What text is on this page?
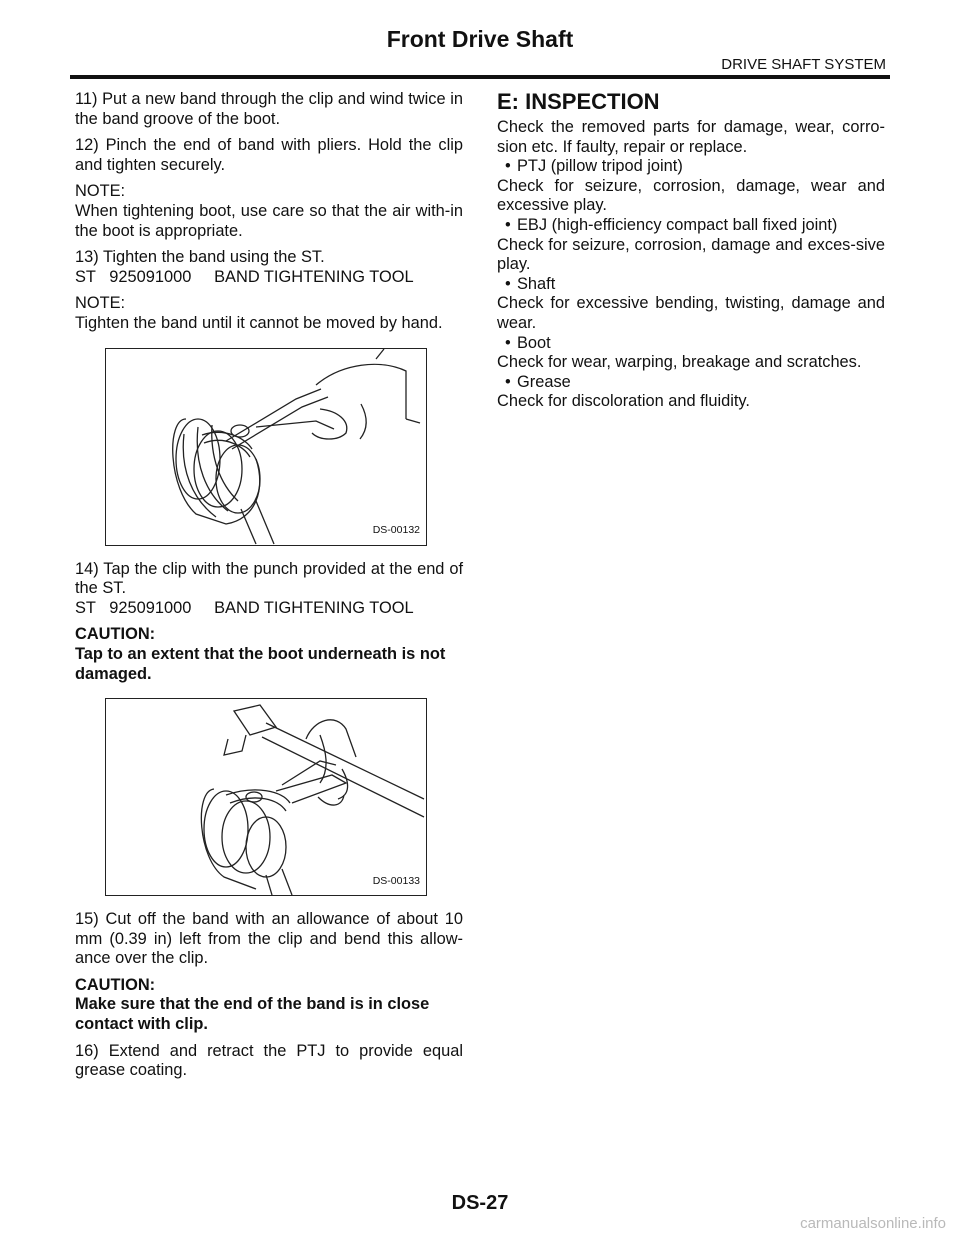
Front Drive Shaft
DRIVE SHAFT SYSTEM

11) Put a new band through the clip and wind twice in the band groove of the boot.

12) Pinch the end of band with pliers. Hold the clip and tighten securely.

NOTE:

When tightening boot, use care so that the air with-in the boot is appropriate.

13) Tighten the band using the ST.

ST   925091000     BAND TIGHTENING TOOL

NOTE:

Tighten the band until it cannot be moved by hand.

DS-00132

14) Tap the clip with the punch provided at the end of the ST.

ST   925091000     BAND TIGHTENING TOOL

CAUTION:

Tap to an extent that the boot underneath is not damaged.

DS-00133

15) Cut off the band with an allowance of about 10 mm (0.39 in) left from the clip and bend this allow-ance over the clip.

CAUTION:

Make sure that the end of the band is in close contact with clip.

16) Extend and retract the PTJ to provide equal grease coating.

E: INSPECTION

Check the removed parts for damage, wear, corro-sion etc. If faulty, repair or replace.

• PTJ (pillow tripod joint)

Check for seizure, corrosion, damage, wear and excessive play.

• EBJ (high-efficiency compact ball fixed joint)

Check for seizure, corrosion, damage and exces-sive play.

• Shaft

Check for excessive bending, twisting, damage and wear.

• Boot

Check for wear, warping, breakage and scratches.

• Grease

Check for discoloration and fluidity.

DS-27
carmanualsonline.info
